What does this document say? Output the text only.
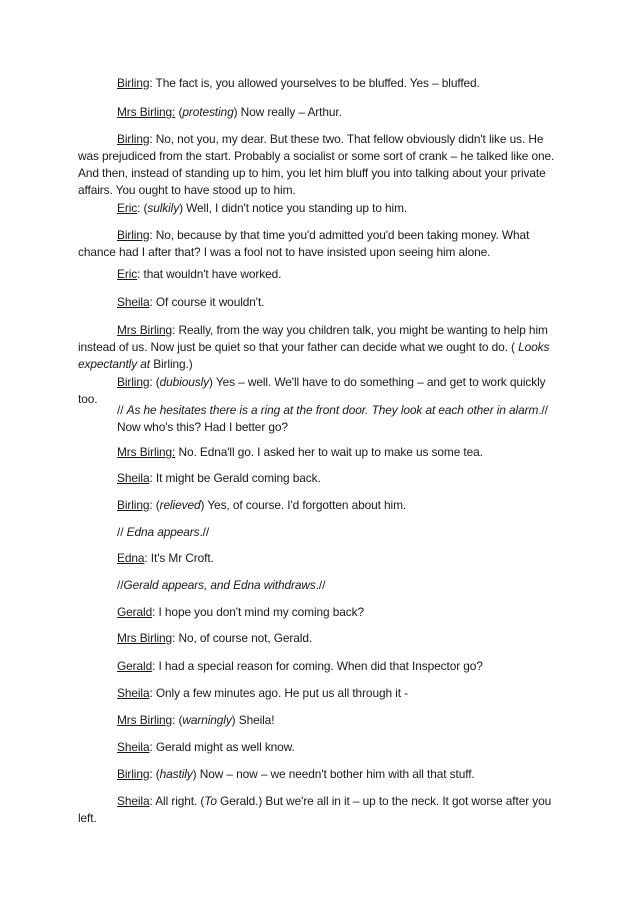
Birling: The fact is, you allowed yourselves to be bluffed. Yes – bluffed.

Mrs Birling: (protesting) Now really – Arthur.

Birling: No, not you, my dear. But these two. That fellow obviously didn't like us. He was prejudiced from the start. Probably a socialist or some sort of crank – he talked like one. And then, instead of standing up to him, you let him bluff you into talking about your private affairs. You ought to have stood up to him.

Eric: (sulkily) Well, I didn't notice you standing up to him.

Birling: No, because by that time you'd admitted you'd been taking money. What chance had I after that? I was a fool not to have insisted upon seeing him alone.

Eric: that wouldn't have worked.

Sheila: Of course it wouldn't.

Mrs Birling: Really, from the way you children talk, you might be wanting to help him instead of us. Now just be quiet so that your father can decide what we ought to do. ( Looks expectantly at Birling.)

Birling: (dubiously) Yes – well. We'll have to do something – and get to work quickly too.

// As he hesitates there is a ring at the front door. They look at each other in alarm.//

Now who's this? Had I better go?

Mrs Birling: No. Edna'll go. I asked her to wait up to make us some tea.

Sheila: It might be Gerald coming back.

Birling: (relieved) Yes, of course. I'd forgotten about him.

// Edna appears.//

Edna: It's Mr Croft.

//Gerald appears, and Edna withdraws.//

Gerald: I hope you don't mind my coming back?

Mrs Birling: No, of course not, Gerald.

Gerald: I had a special reason for coming. When did that Inspector go?

Sheila: Only a few minutes ago. He put us all through it -

Mrs Birling: (warningly) Sheila!

Sheila: Gerald might as well know.

Birling: (hastily) Now – now – we needn't bother him with all that stuff.

Sheila: All right. (To Gerald.) But we're all in it – up to the neck. It got worse after you left.
